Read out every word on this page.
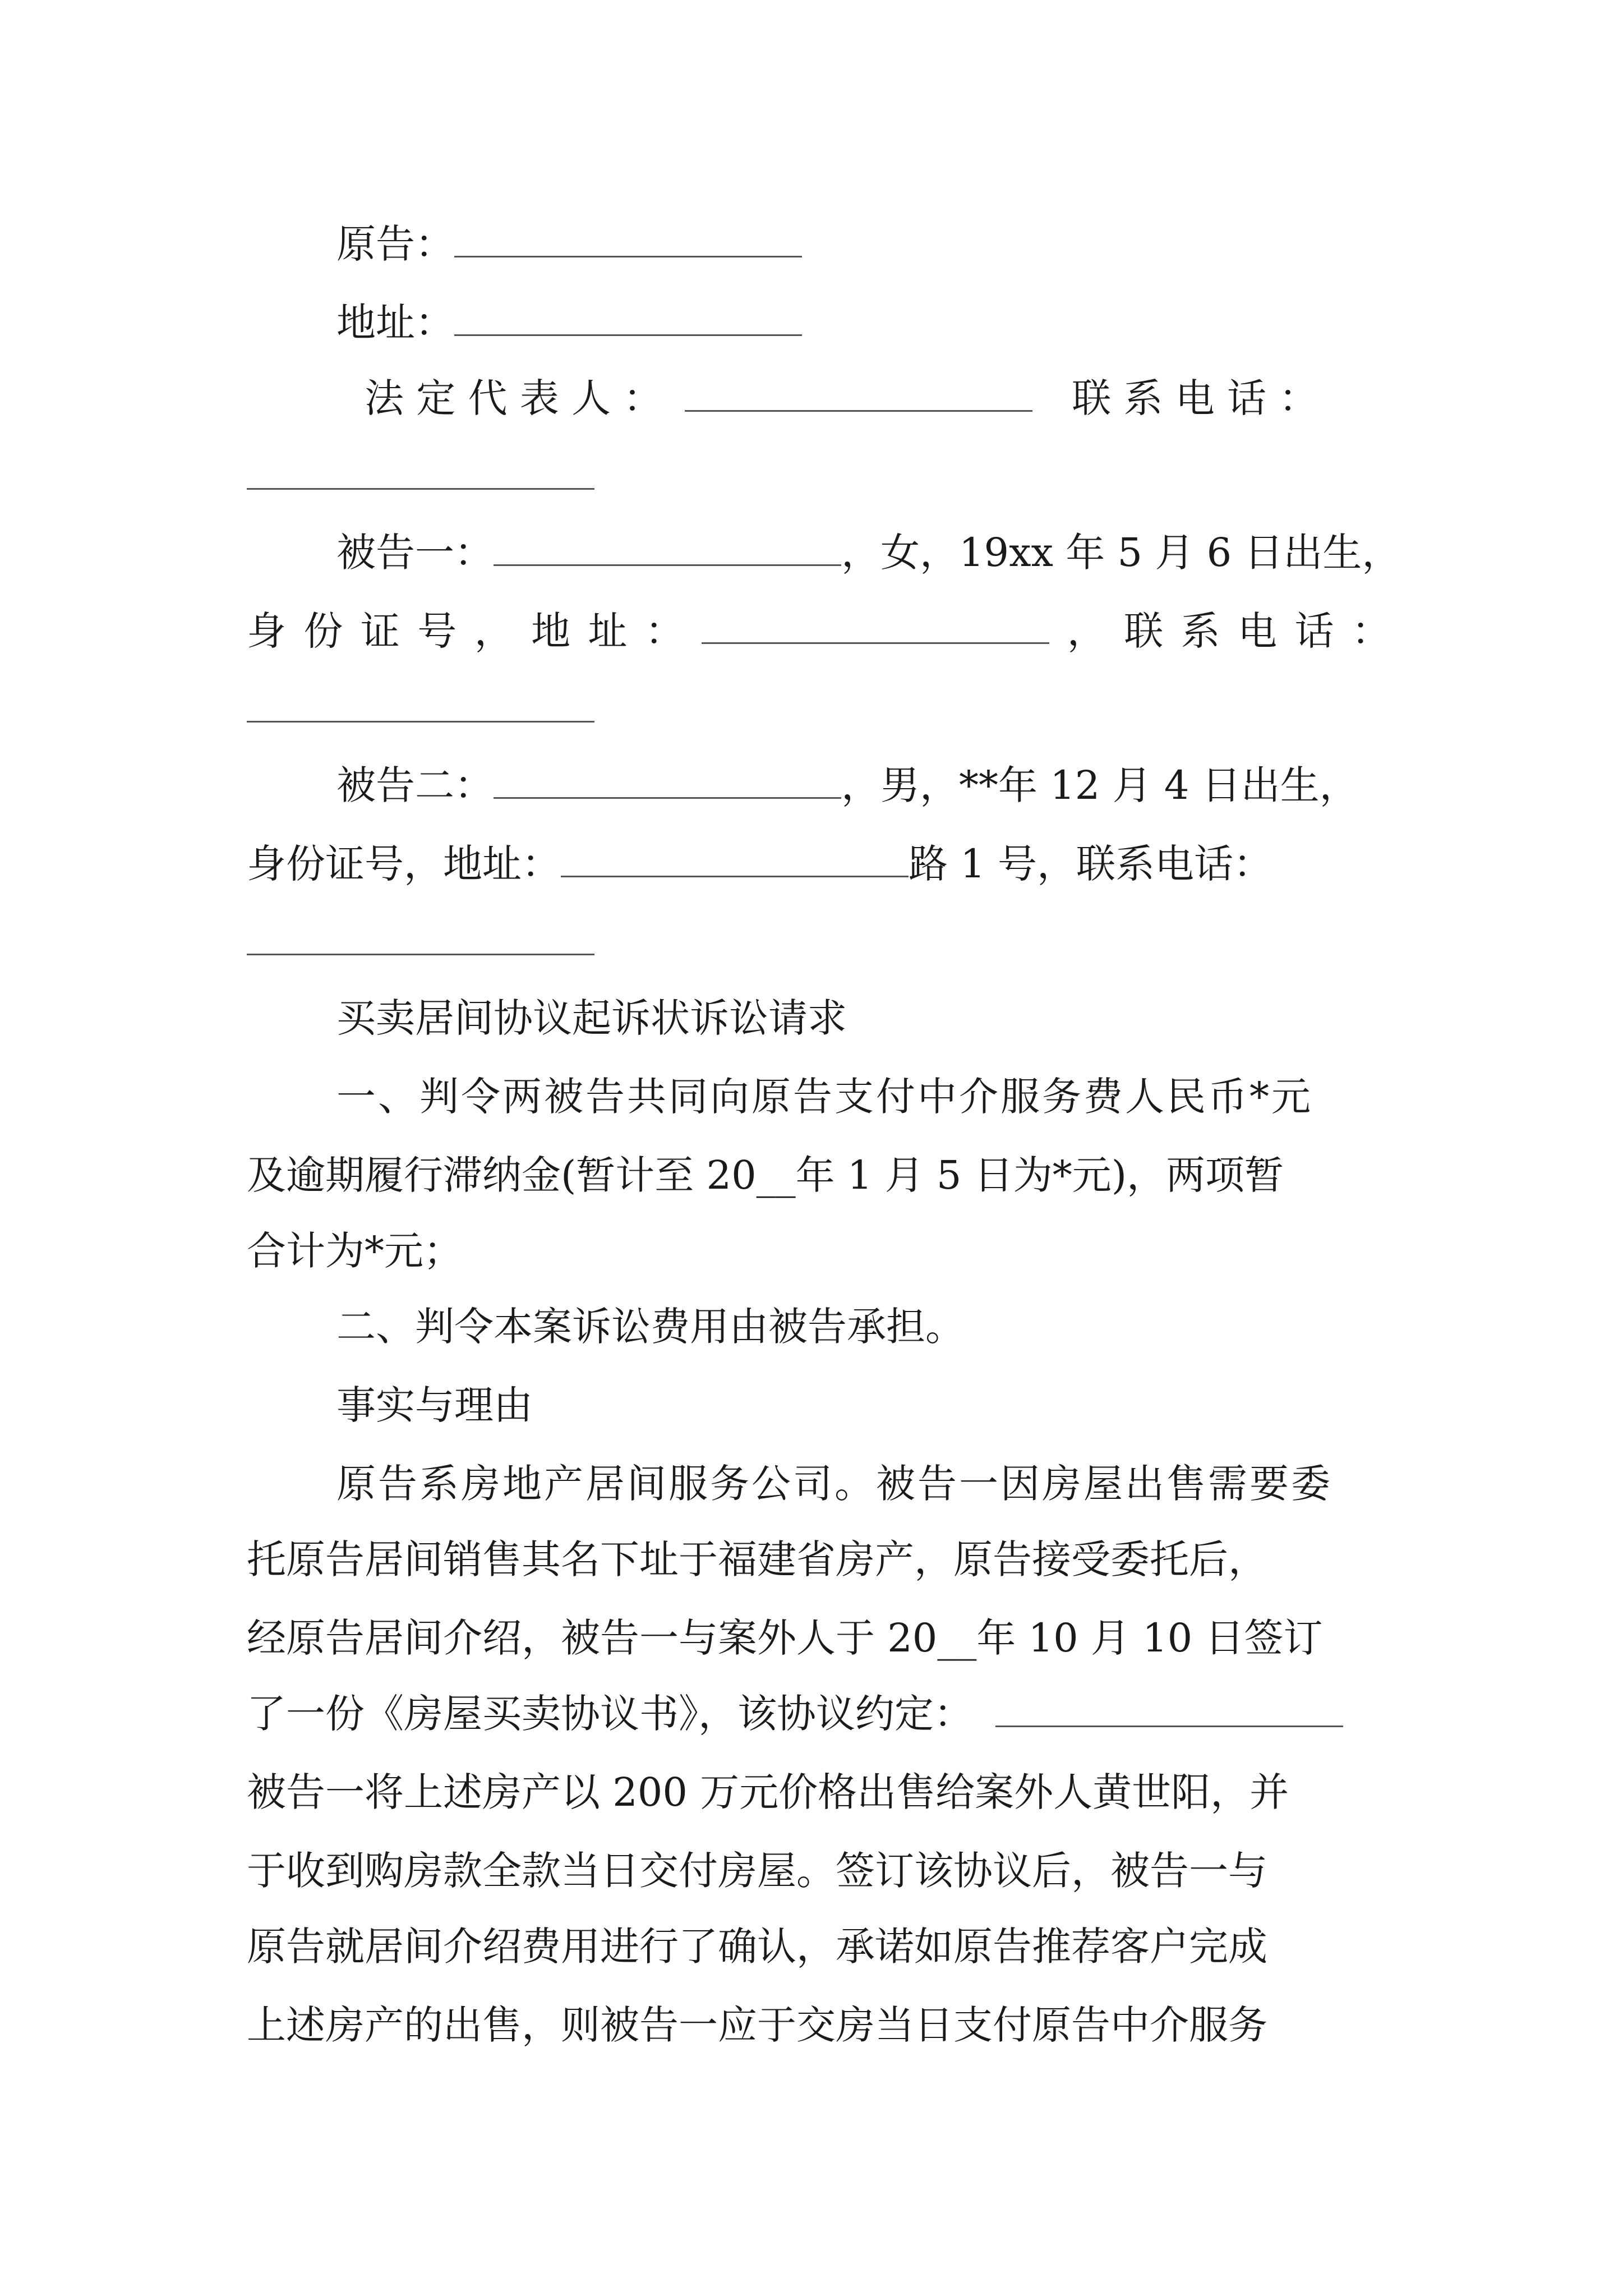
原告：
地址：
法 定 代 表 人 ：	联 系 电 话 ：
被告一：	，女，19xx 年 5 月 6 日出生，
身 份 证 号 ， 地 址 ：	， 联 系 电 话 ：
被告二：	，男，**年 12 月 4 日出生，
身份证号，地址：	路 1 号，联系电话：
买卖居间协议起诉状诉讼请求
一、判令两被告共同向原告支付中介服务费人民币*元
及逾期履行滞纳金(暂计至 20__年 1 月 5 日为*元)，两项暂
合计为*元；
二、判令本案诉讼费用由被告承担。
事实与理由
原告系房地产居间服务公司。被告一因房屋出售需要委
托原告居间销售其名下址于福建省房产，原告接受委托后，
经原告居间介绍，被告一与案外人于 20__年 10 月 10 日签订
了一份《房屋买卖协议书》，该协议约定：
被告一将上述房产以 200 万元价格出售给案外人黄世阳，并
于收到购房款全款当日交付房屋。签订该协议后，被告一与
原告就居间介绍费用进行了确认，承诺如原告推荐客户完成
上述房产的出售，则被告一应于交房当日支付原告中介服务
